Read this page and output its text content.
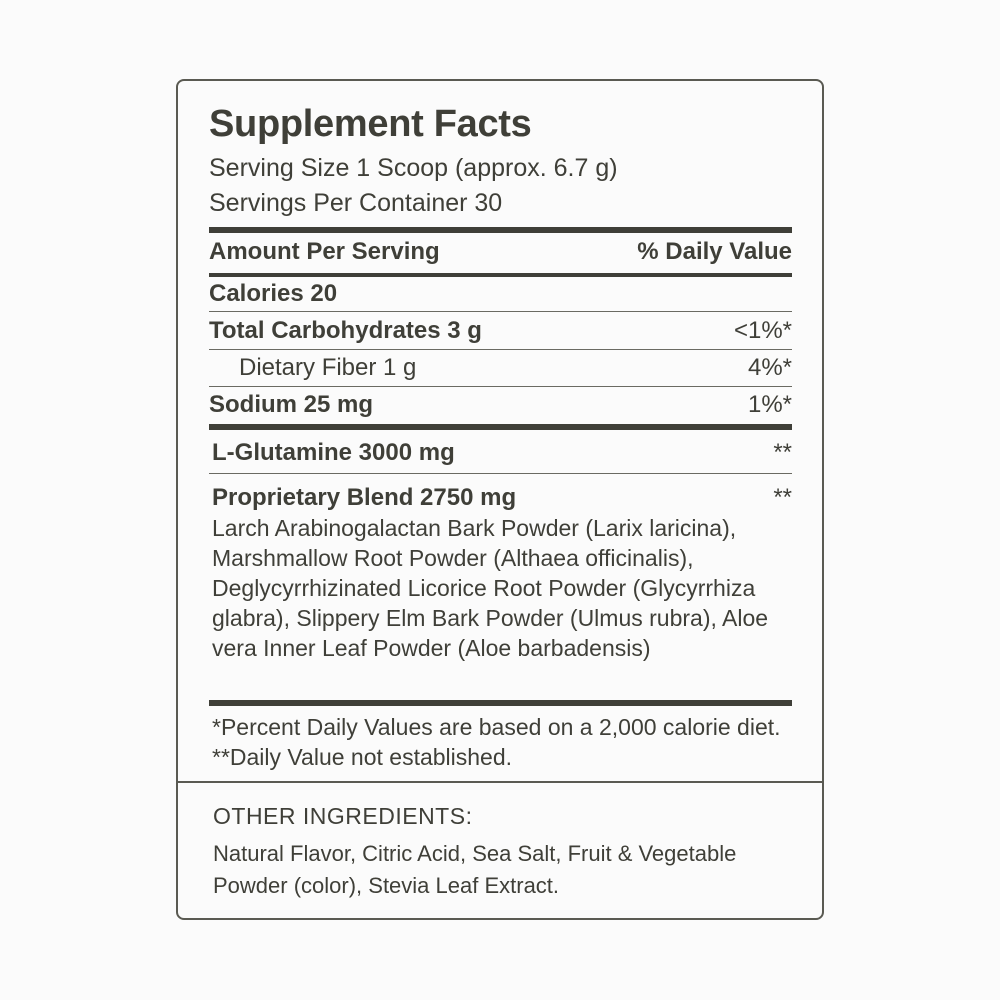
Supplement Facts
Serving Size 1 Scoop (approx. 6.7 g)
Servings Per Container 30
Amount Per Serving	% Daily Value
Calories 20
Total Carbohydrates 3 g	<1%*
Dietary Fiber 1 g	4%*
Sodium 25 mg	1%*
L-Glutamine 3000 mg	**
Proprietary Blend 2750 mg	**
Larch Arabinogalactan Bark Powder (Larix laricina), Marshmallow Root Powder (Althaea officinalis), Deglycyrrhizinated Licorice Root Powder (Glycyrrhiza glabra), Slippery Elm Bark Powder (Ulmus rubra), Aloe vera Inner Leaf Powder (Aloe barbadensis)
*Percent Daily Values are based on a 2,000 calorie diet. **Daily Value not established.
OTHER INGREDIENTS:
Natural Flavor, Citric Acid, Sea Salt, Fruit & Vegetable Powder (color), Stevia Leaf Extract.
